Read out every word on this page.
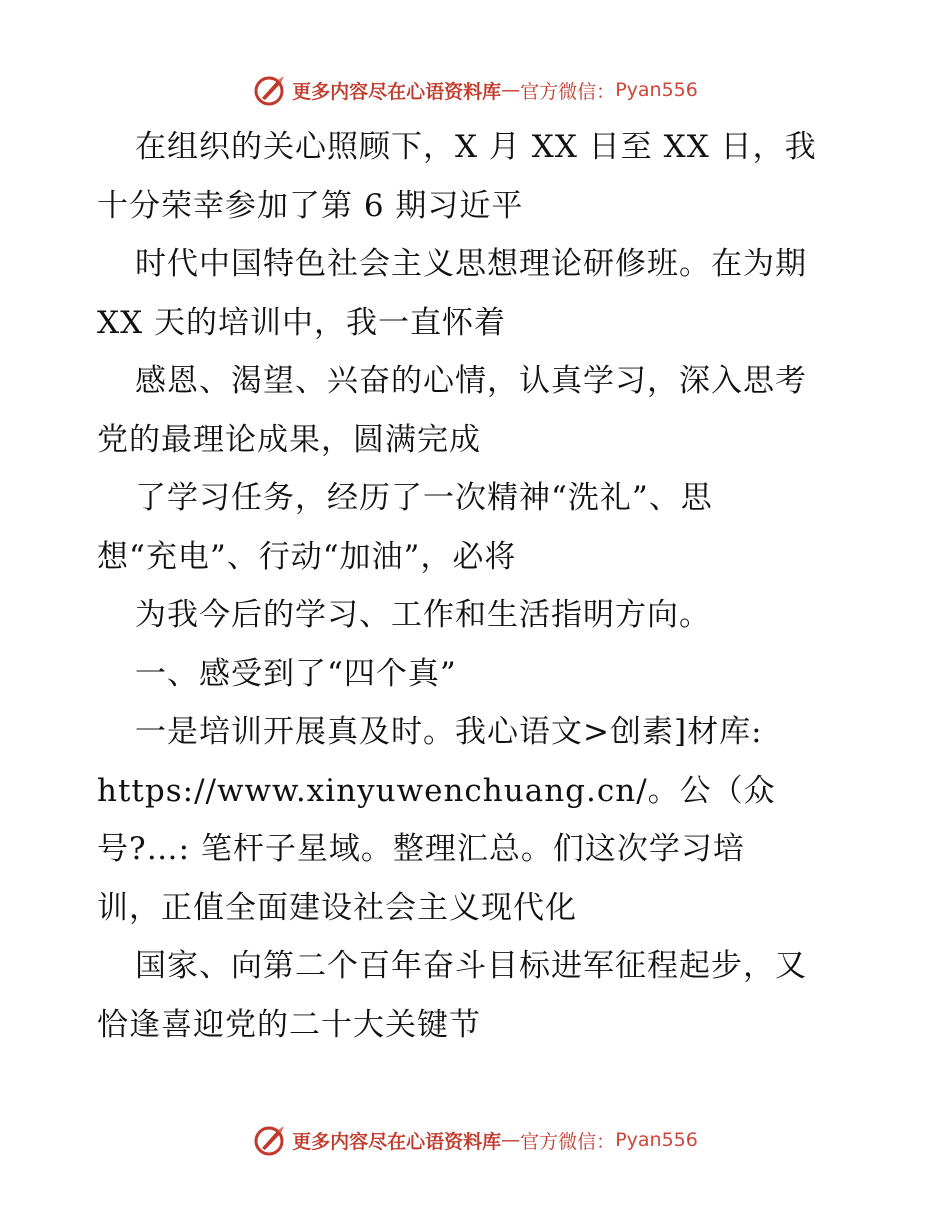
更多内容尽在心语资料库 — 官方微信： Pyan556
在组织的关心照顾下，X 月 XX 日至 XX 日，我
十分荣幸参加了第 6 期习近平
时代中国特色社会主义思想理论研修班。在为期
XX 天的培训中，我一直怀着
感恩、渴望、兴奋的心情，认真学习，深入思考
党的最理论成果，圆满完成
了学习任务，经历了一次精神“洗礼”、思
想“充电”、行动“加油”，必将
为我今后的学习、工作和生活指明方向。
一、感受到了“四个真”
一是培训开展真及时。我心语文>创素]材库:
https://www.xinyuwenchuang.cn/。公（众
号?…: 笔杆子星域。整理汇总。们这次学习培
训，正值全面建设社会主义现代化
国家、向第二个百年奋斗目标进军征程起步，又
恰逢喜迎党的二十大关键节
更多内容尽在心语资料库 — 官方微信： Pyan556
